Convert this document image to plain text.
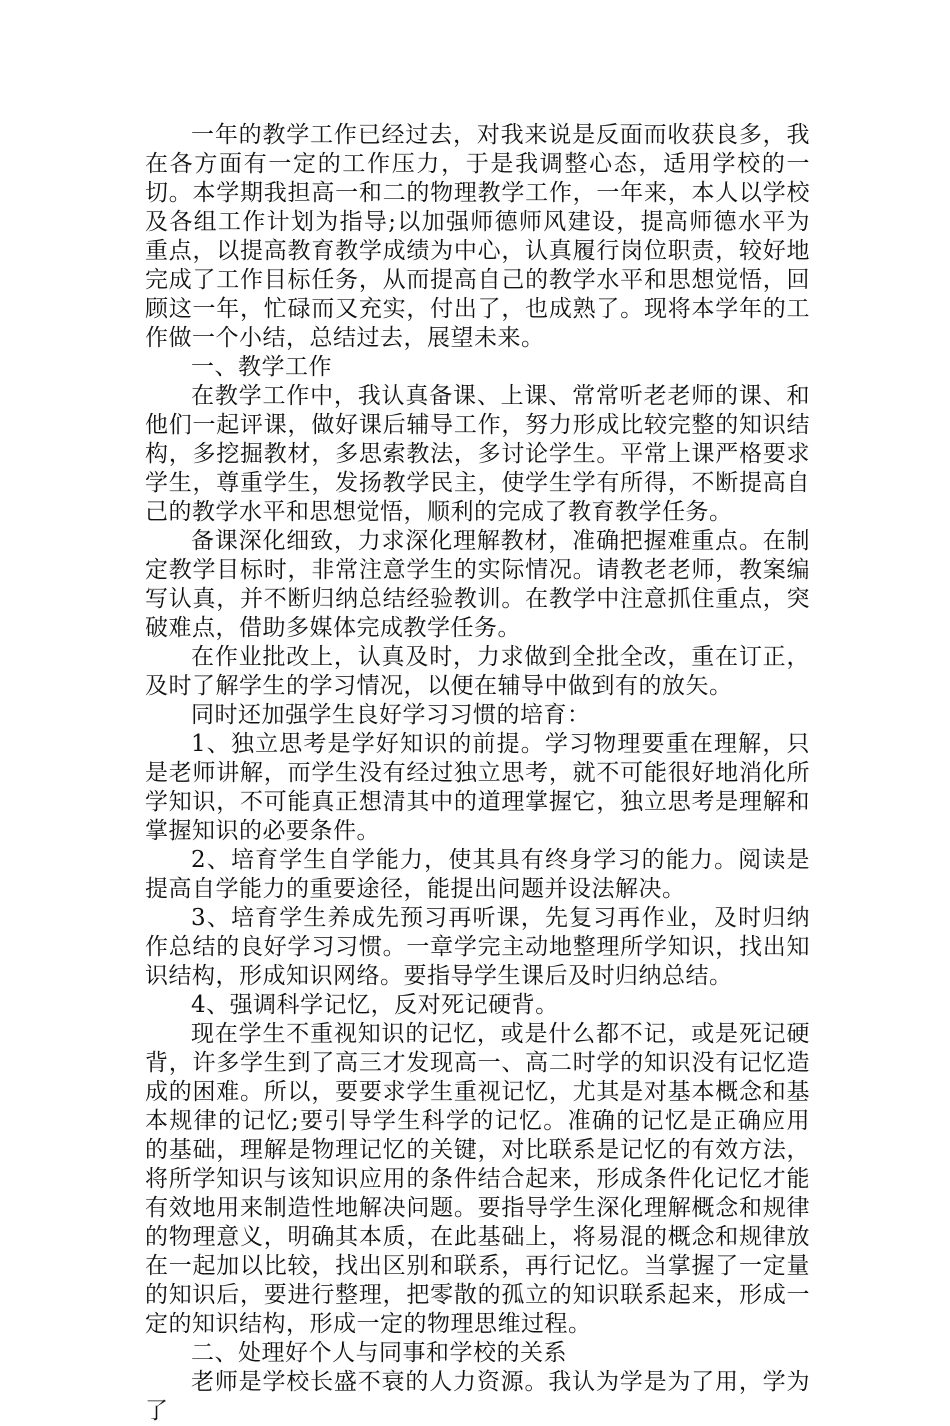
一年的教学工作已经过去，对我来说是反面而收获良多，我在各方面有一定的工作压力，于是我调整心态，适用学校的一切。本学期我担高一和二的物理教学工作，一年来，本人以学校及各组工作计划为指导;以加强师德师风建设，提高师德水平为重点，以提高教育教学成绩为中心，认真履行岗位职责，较好地完成了工作目标任务，从而提高自己的教学水平和思想觉悟，回顾这一年，忙碌而又充实，付出了，也成熟了。现将本学年的工作做一个小结，总结过去，展望未来。

一、教学工作

在教学工作中，我认真备课、上课、常常听老老师的课、和他们一起评课，做好课后辅导工作，努力形成比较完整的知识结构，多挖掘教材，多思索教法，多讨论学生。平常上课严格要求学生，尊重学生，发扬教学民主，使学生学有所得，不断提高自己的教学水平和思想觉悟，顺利的完成了教育教学任务。

备课深化细致，力求深化理解教材，准确把握难重点。在制定教学目标时，非常注意学生的实际情况。请教老老师，教案编写认真，并不断归纳总结经验教训。在教学中注意抓住重点，突破难点，借助多媒体完成教学任务。

在作业批改上，认真及时，力求做到全批全改，重在订正，及时了解学生的学习情况，以便在辅导中做到有的放矢。

同时还加强学生良好学习习惯的培育：

1、独立思考是学好知识的前提。学习物理要重在理解，只是老师讲解，而学生没有经过独立思考，就不可能很好地消化所学知识，不可能真正想清其中的道理掌握它，独立思考是理解和掌握知识的必要条件。

2、培育学生自学能力，使其具有终身学习的能力。阅读是提高自学能力的重要途径，能提出问题并设法解决。

3、培育学生养成先预习再听课，先复习再作业，及时归纳作总结的良好学习习惯。一章学完主动地整理所学知识，找出知识结构，形成知识网络。要指导学生课后及时归纳总结。

4、强调科学记忆，反对死记硬背。

现在学生不重视知识的记忆，或是什么都不记，或是死记硬背，许多学生到了高三才发现高一、高二时学的知识没有记忆造成的困难。所以，要要求学生重视记忆，尤其是对基本概念和基本规律的记忆;要引导学生科学的记忆。准确的记忆是正确应用的基础，理解是物理记忆的关键，对比联系是记忆的有效方法，将所学知识与该知识应用的条件结合起来，形成条件化记忆才能有效地用来制造性地解决问题。要指导学生深化理解概念和规律的物理意义，明确其本质，在此基础上，将易混的概念和规律放在一起加以比较，找出区别和联系，再行记忆。当掌握了一定量的知识后，要进行整理，把零散的孤立的知识联系起来，形成一定的知识结构，形成一定的物理思维过程。

二、处理好个人与同事和学校的关系

老师是学校长盛不衰的人力资源。我认为学是为了用，学为了
